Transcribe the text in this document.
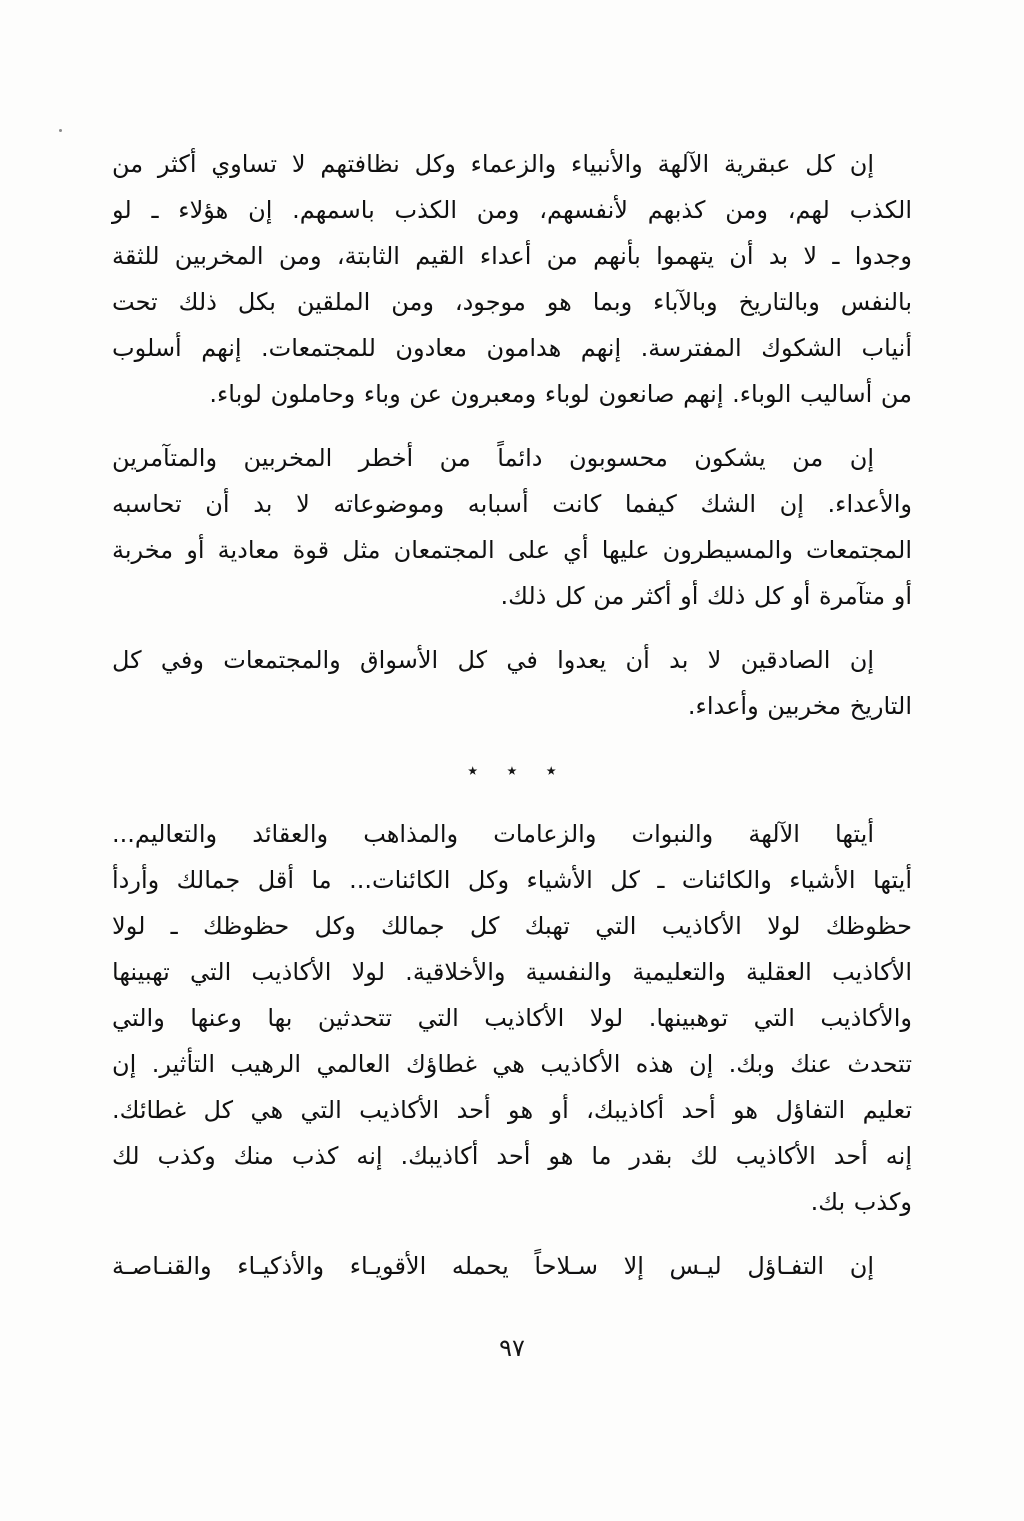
إن كل عبقرية الآلهة والأنبياء والزعماء وكل نظافتهم لا تساوي أكثر من
الكذب لهم، ومن كذبهم لأنفسهم، ومن الكذب باسمهم. إن هؤلاء ـ لو
وجدوا ـ لا بد أن يتهموا بأنهم من أعداء القيم الثابتة، ومن المخربين للثقة
بالنفس وبالتاريخ وبالآباء وبما هو موجود، ومن الملقين بكل ذلك تحت
أنياب الشكوك المفترسة. إنهم هدامون معادون للمجتمعات. إنهم أسلوب
من أساليب الوباء. إنهم صانعون لوباء ومعبرون عن وباء وحاملون لوباء.
إن من يشكون محسوبون دائماً من أخطر المخربين والمتآمرين
والأعداء. إن الشك كيفما كانت أسبابه وموضوعاته لا بد أن تحاسبه
المجتمعات والمسيطرون عليها أي على المجتمعان مثل قوة معادية أو مخربة
أو متآمرة أو كل ذلك أو أكثر من كل ذلك.
إن الصادقين لا بد أن يعدوا في كل الأسواق والمجتمعات وفي كل
التاريخ مخربين وأعداء.
٭ ٭ ٭
أيتها الآلهة والنبوات والزعامات والمذاهب والعقائد والتعاليم...
أيتها الأشياء والكائنات ـ كل الأشياء وكل الكائنات... ما أقل جمالك وأردأ
حظوظك لولا الأكاذيب التي تهبك كل جمالك وكل حظوظك ـ لولا
الأكاذيب العقلية والتعليمية والنفسية والأخلاقية. لولا الأكاذيب التي تهبينها
والأكاذيب التي توهبينها. لولا الأكاذيب التي تتحدثين بها وعنها والتي
تتحدث عنك وبك. إن هذه الأكاذيب هي غطاؤك العالمي الرهيب التأثير. إن
تعليم التفاؤل هو أحد أكاذيبك، أو هو أحد الأكاذيب التي هي كل غطائك.
إنه أحد الأكاذيب لك بقدر ما هو أحد أكاذيبك. إنه كذب منك وكذب لك
وكذب بك.
إن التفـاؤل ليـس إلا سـلاحاً يحمله الأقويـاء والأذكيـاء والقنـاصـة
٩٧
